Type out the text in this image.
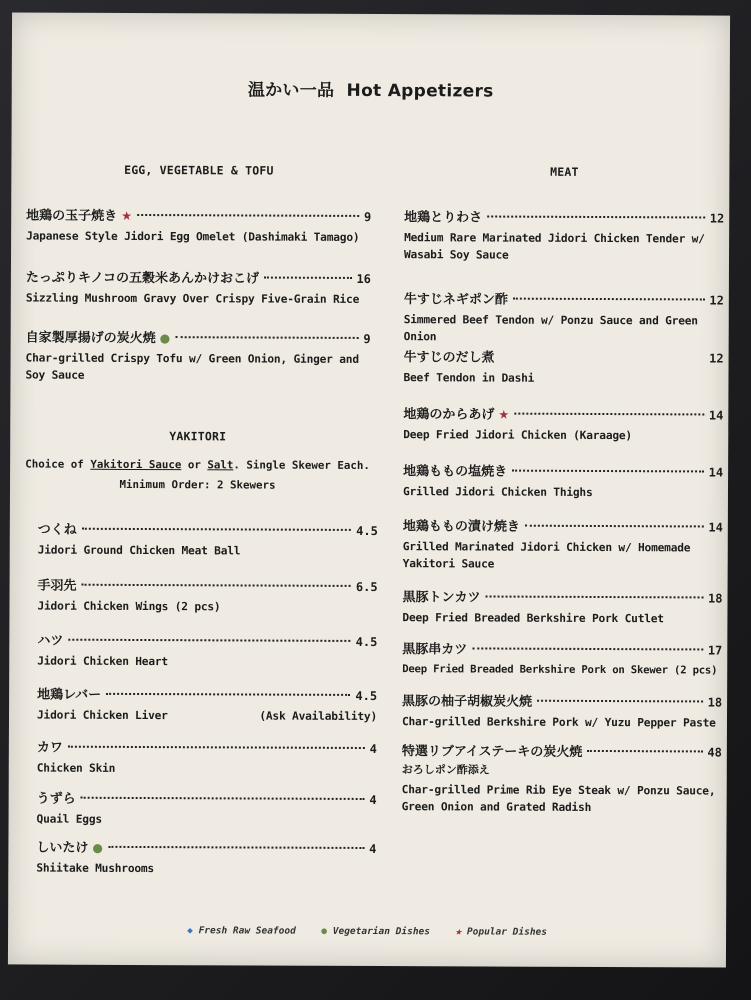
温かい一品 Hot Appetizers
EGG, VEGETABLE & TOFU
地鶏の玉子焼き ★	9
Japanese Style Jidori Egg Omelet (Dashimaki Tamago)
たっぷりキノコの五穀米あんかけおこげ	16
Sizzling Mushroom Gravy Over Crispy Five-Grain Rice
自家製厚揚げの炭火焼 ●	9
Char-grilled Crispy Tofu w/ Green Onion, Ginger and Soy Sauce
YAKITORI
Choice of Yakitori Sauce or Salt. Single Skewer Each.
Minimum Order: 2 Skewers
つくね	4.5
Jidori Ground Chicken Meat Ball
手羽先	6.5
Jidori Chicken Wings (2 pcs)
ハツ	4.5
Jidori Chicken Heart
地鶏レバー	4.5
Jidori Chicken Liver	(Ask Availability)
カワ	4
Chicken Skin
うずら	4
Quail Eggs
しいたけ ●	4
Shiitake Mushrooms
MEAT
地鶏とりわさ	12
Medium Rare Marinated Jidori Chicken Tender w/ Wasabi Soy Sauce
牛すじネギポン酢	12
Simmered Beef Tendon w/ Ponzu Sauce and Green Onion
牛すじのだし煮	12
Beef Tendon in Dashi
地鶏のからあげ ★	14
Deep Fried Jidori Chicken (Karaage)
地鶏ももの塩焼き	14
Grilled Jidori Chicken Thighs
地鶏ももの漬け焼き	14
Grilled Marinated Jidori Chicken w/ Homemade Yakitori Sauce
黒豚トンカツ	18
Deep Fried Breaded Berkshire Pork Cutlet
黒豚串カツ	17
Deep Fried Breaded Berkshire Pork on Skewer (2 pcs)
黒豚の柚子胡椒炭火焼	18
Char-grilled Berkshire Pork w/ Yuzu Pepper Paste
特選リブアイステーキの炭火焼	48
おろしポン酢添え
Char-grilled Prime Rib Eye Steak w/ Ponzu Sauce, Green Onion and Grated Radish
◆ Fresh Raw Seafood	● Vegetarian Dishes	★ Popular Dishes
